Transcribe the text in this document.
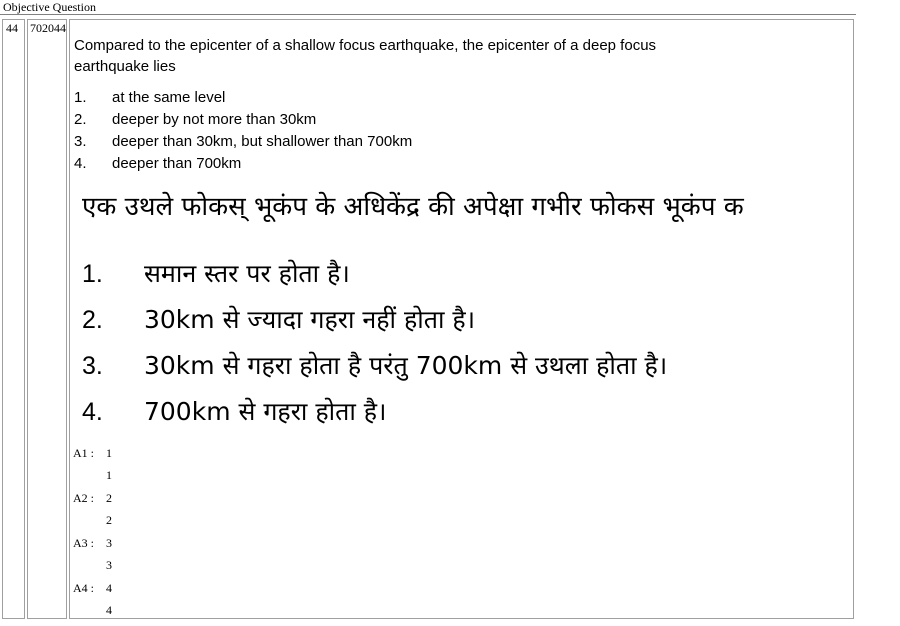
Objective Question
44	702044	
Compared to the epicenter of a shallow focus earthquake, the epicenter of a deep focus earthquake lies
1.	at the same level
2.	deeper by not more than 30km
3.	deeper than 30km, but shallower than 700km
4.	deeper than 700km
एक उथले फोकस् भूकंप के अधिकेंद्र की अपेक्षा गभीर फोकस भूकंप क
1.	समान स्तर पर होता है।
2.	30km से ज्यादा गहरा नहीं होता है।
3.	30km से गहरा होता है परंतु 700km से उथला होता है।
4.	700km से गहरा होता है।
A1 :	1
1
A2 :	2
2
A3 :	3
3
A4 :	4
4
